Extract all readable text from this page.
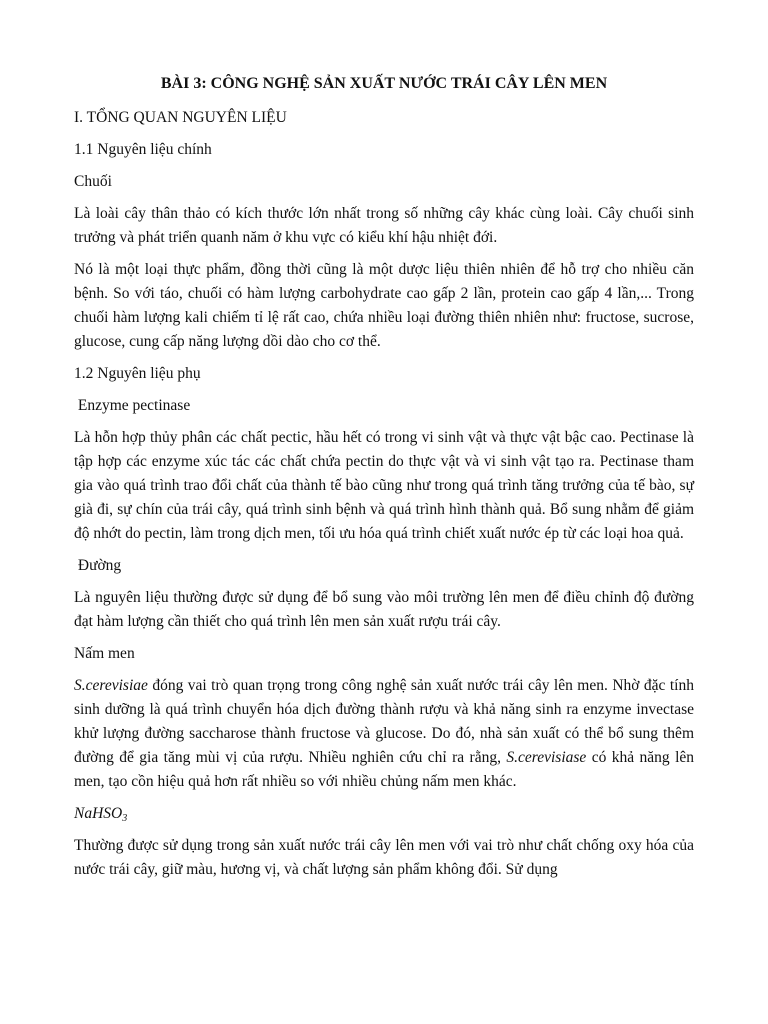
BÀI 3: CÔNG NGHỆ SẢN XUẤT NƯỚC TRÁI CÂY LÊN MEN

I. TỔNG QUAN NGUYÊN LIỆU

1.1 Nguyên liệu chính

Chuối

Là loài cây thân thảo có kích thước lớn nhất trong số những cây khác cùng loài. Cây chuối sinh trưởng và phát triển quanh năm ở khu vực có kiểu khí hậu nhiệt đới.

Nó là một loại thực phẩm, đồng thời cũng là một dược liệu thiên nhiên để hỗ trợ cho nhiều căn bệnh. So với táo, chuối có hàm lượng carbohydrate cao gấp 2 lần, protein cao gấp 4 lần,... Trong chuối hàm lượng kali chiếm tỉ lệ rất cao, chứa nhiều loại đường thiên nhiên như: fructose, sucrose, glucose, cung cấp năng lượng dồi dào cho cơ thể.

1.2 Nguyên liệu phụ

Enzyme pectinase

Là hỗn hợp thủy phân các chất pectic, hầu hết có trong vi sinh vật và thực vật bậc cao. Pectinase là tập hợp các enzyme xúc tác các chất chứa pectin do thực vật và vi sinh vật tạo ra. Pectinase tham gia vào quá trình trao đổi chất của thành tế bào cũng như trong quá trình tăng trưởng của tế bào, sự già đi, sự chín của trái cây, quá trình sinh bệnh và quá trình hình thành quả. Bổ sung nhằm để giảm độ nhớt do pectin, làm trong dịch men, tối ưu hóa quá trình chiết xuất nước ép từ các loại hoa quả.

Đường

Là nguyên liệu thường được sử dụng để bổ sung vào môi trường lên men để điều chỉnh độ đường đạt hàm lượng cần thiết cho quá trình lên men sản xuất rượu trái cây.

Nấm men

S.cerevisiae đóng vai trò quan trọng trong công nghệ sản xuất nước trái cây lên men. Nhờ đặc tính sinh dưỡng là quá trình chuyển hóa dịch đường thành rượu và khả năng sinh ra enzyme invectase khử lượng đường saccharose thành fructose và glucose. Do đó, nhà sản xuất có thể bổ sung thêm đường để gia tăng mùi vị của rượu. Nhiều nghiên cứu chỉ ra rằng, S.cerevisiase có khả năng lên men, tạo cồn hiệu quả hơn rất nhiều so với nhiều chủng nấm men khác.

NaHSO$_3$

Thường được sử dụng trong sản xuất nước trái cây lên men với vai trò như chất chống oxy hóa của nước trái cây, giữ màu, hương vị, và chất lượng sản phẩm không đổi. Sử dụng
